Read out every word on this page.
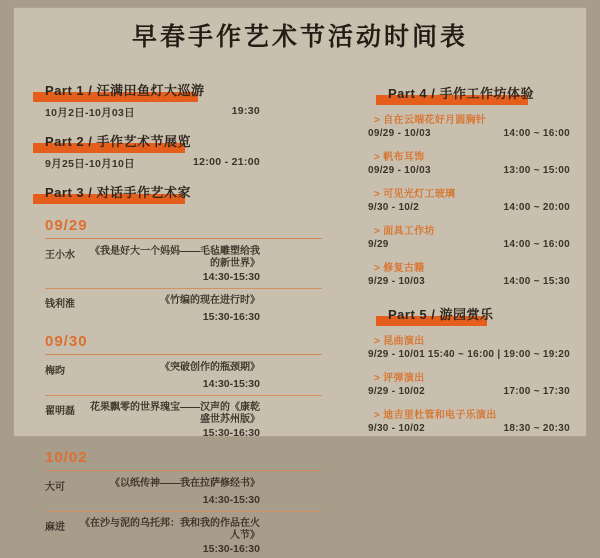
早春手作艺术节活动时间表
Part 1 / 汪满田鱼灯大巡游
10月2日-10月03日	19:30
Part 2 / 手作艺术节展览
9月25日-10月10日	12:00 - 21:00
Part 3 / 对话手作艺术家
09/29
王小水	《我是好大一个妈妈——毛毡雕塑给我的新世界》
14:30-15:30
钱利淮	《竹编的现在进行时》
15:30-16:30
09/30
梅昀	《突破创作的瓶颈期》
14:30-15:30
翟明磊	花果飘零的世界瑰宝——汉声的《康乾盛世苏州版》
15:30-16:30
10/02
大可	《以纸传神——我在拉萨修经书》
14:30-15:30
麻进	《在沙与泥的乌托邦：我和我的作品在火人节》
15:30-16:30
Part 4 / 手作工作坊体验
> 自在云端花好月圆胸针
09/29 - 10/03	14:00 ~ 16:00
> 帆布耳饰
09/29 - 10/03	13:00 ~ 15:00
> 可见光灯工玻璃
9/30 - 10/2	14:00 ~ 20:00
> 面具工作坊
9/29	14:00 ~ 16:00
> 修复古籍
9/29 - 10/03	14:00 ~ 15:30
Part 5 / 游园赏乐
> 昆曲演出
9/29 - 10/01 15:40 ~ 16:00 | 19:00 ~ 19:20
> 评弹演出
9/29 - 10/02	17:00 ~ 17:30
> 迪吉里杜管和电子乐演出
9/30 - 10/02	18:30 ~ 20:30
